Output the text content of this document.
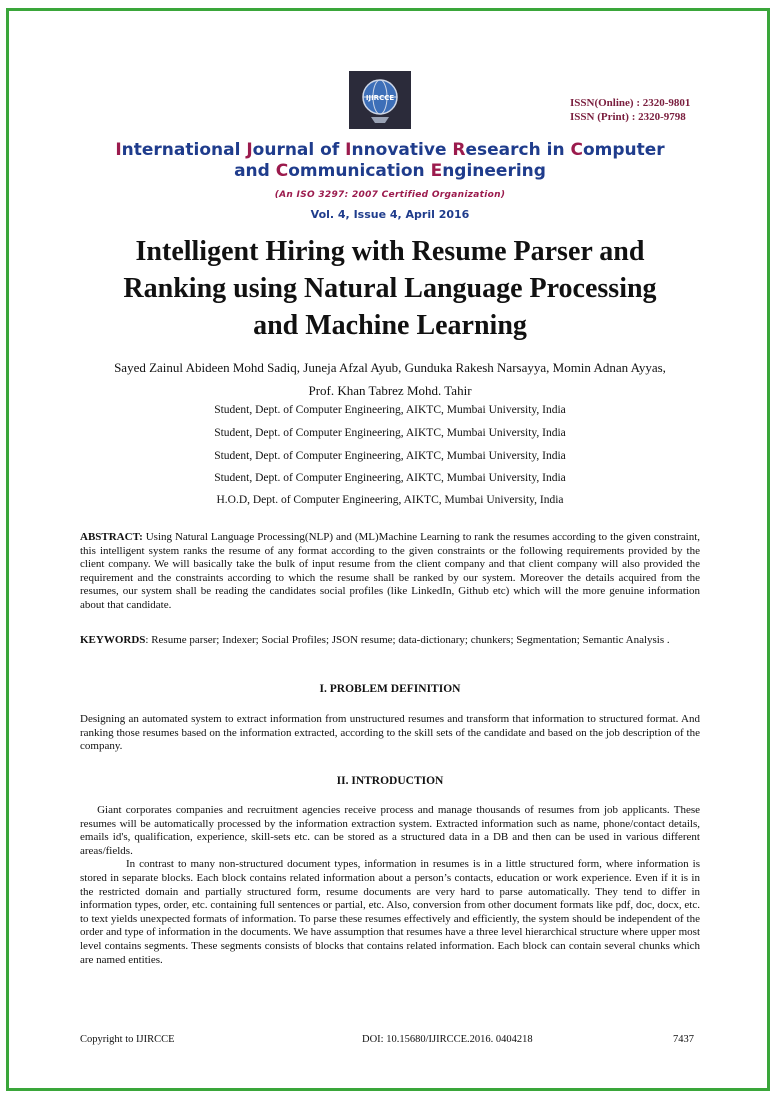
IJIRCCE	ISSN(Online) : 2320-9801
ISSN (Print) : 2320-9798
International Journal of Innovative Research in Computer
and Communication Engineering
(An ISO 3297: 2007 Certified Organization)
Vol. 4, Issue 4, April 2016
Intelligent Hiring with Resume Parser and
Ranking using Natural Language Processing
and Machine Learning
Sayed Zainul Abideen Mohd Sadiq, Juneja Afzal Ayub, Gunduka Rakesh Narsayya, Momin Adnan Ayyas,
Prof. Khan Tabrez Mohd. Tahir
Student, Dept. of Computer Engineering, AIKTC, Mumbai University, India
Student, Dept. of Computer Engineering, AIKTC, Mumbai University, India
Student, Dept. of Computer Engineering, AIKTC, Mumbai University, India
Student, Dept. of Computer Engineering, AIKTC, Mumbai University, India
H.O.D, Dept. of Computer Engineering, AIKTC, Mumbai University, India

ABSTRACT: Using Natural Language Processing(NLP) and (ML)Machine Learning to rank the resumes according to the given constraint, this intelligent system ranks the resume of any format according to the given constraints or the following requirements provided by the client company. We will basically take the bulk of input resume from the client company and that client company will also provided the requirement and the constraints according to which the resume shall be ranked by our system. Moreover the details acquired from the resumes, our system shall be reading the candidates social profiles (like LinkedIn, Github etc) which will the more genuine information about that candidate.

KEYWORDS: Resume parser; Indexer; Social Profiles; JSON resume; data-dictionary; chunkers; Segmentation; Semantic Analysis .

I. PROBLEM DEFINITION

Designing an automated system to extract information from unstructured resumes and transform that information to structured format. And ranking those resumes based on the information extracted, according to the skill sets of the candidate and based on the job description of the company.

II. INTRODUCTION

Giant corporates companies and recruitment agencies receive process and manage thousands of resumes from job applicants. These resumes will be automatically processed by the information extraction system. Extracted information such as name, phone/contact details, emails id's, qualification, experience, skill-sets etc. can be stored as a structured data in a DB and then can be used in various different areas/fields.

In contrast to many non-structured document types, information in resumes is in a little structured form, where information is stored in separate blocks. Each block contains related information about a person’s contacts, education or work experience. Even if it is in the restricted domain and partially structured form, resume documents are very hard to parse automatically. They tend to differ in information types, order, etc. containing full sentences or partial, etc. Also, conversion from other document formats like pdf, doc, docx, etc. to text yields unexpected formats of information. To parse these resumes effectively and efficiently, the system should be independent of the order and type of information in the documents. We have assumption that resumes have a three level hierarchical structure where upper most level contains segments. These segments consists of blocks that contains related information. Each block can contain several chunks which are named entities.

Copyright to IJIRCCE	DOI: 10.15680/IJIRCCE.2016. 0404218	7437
